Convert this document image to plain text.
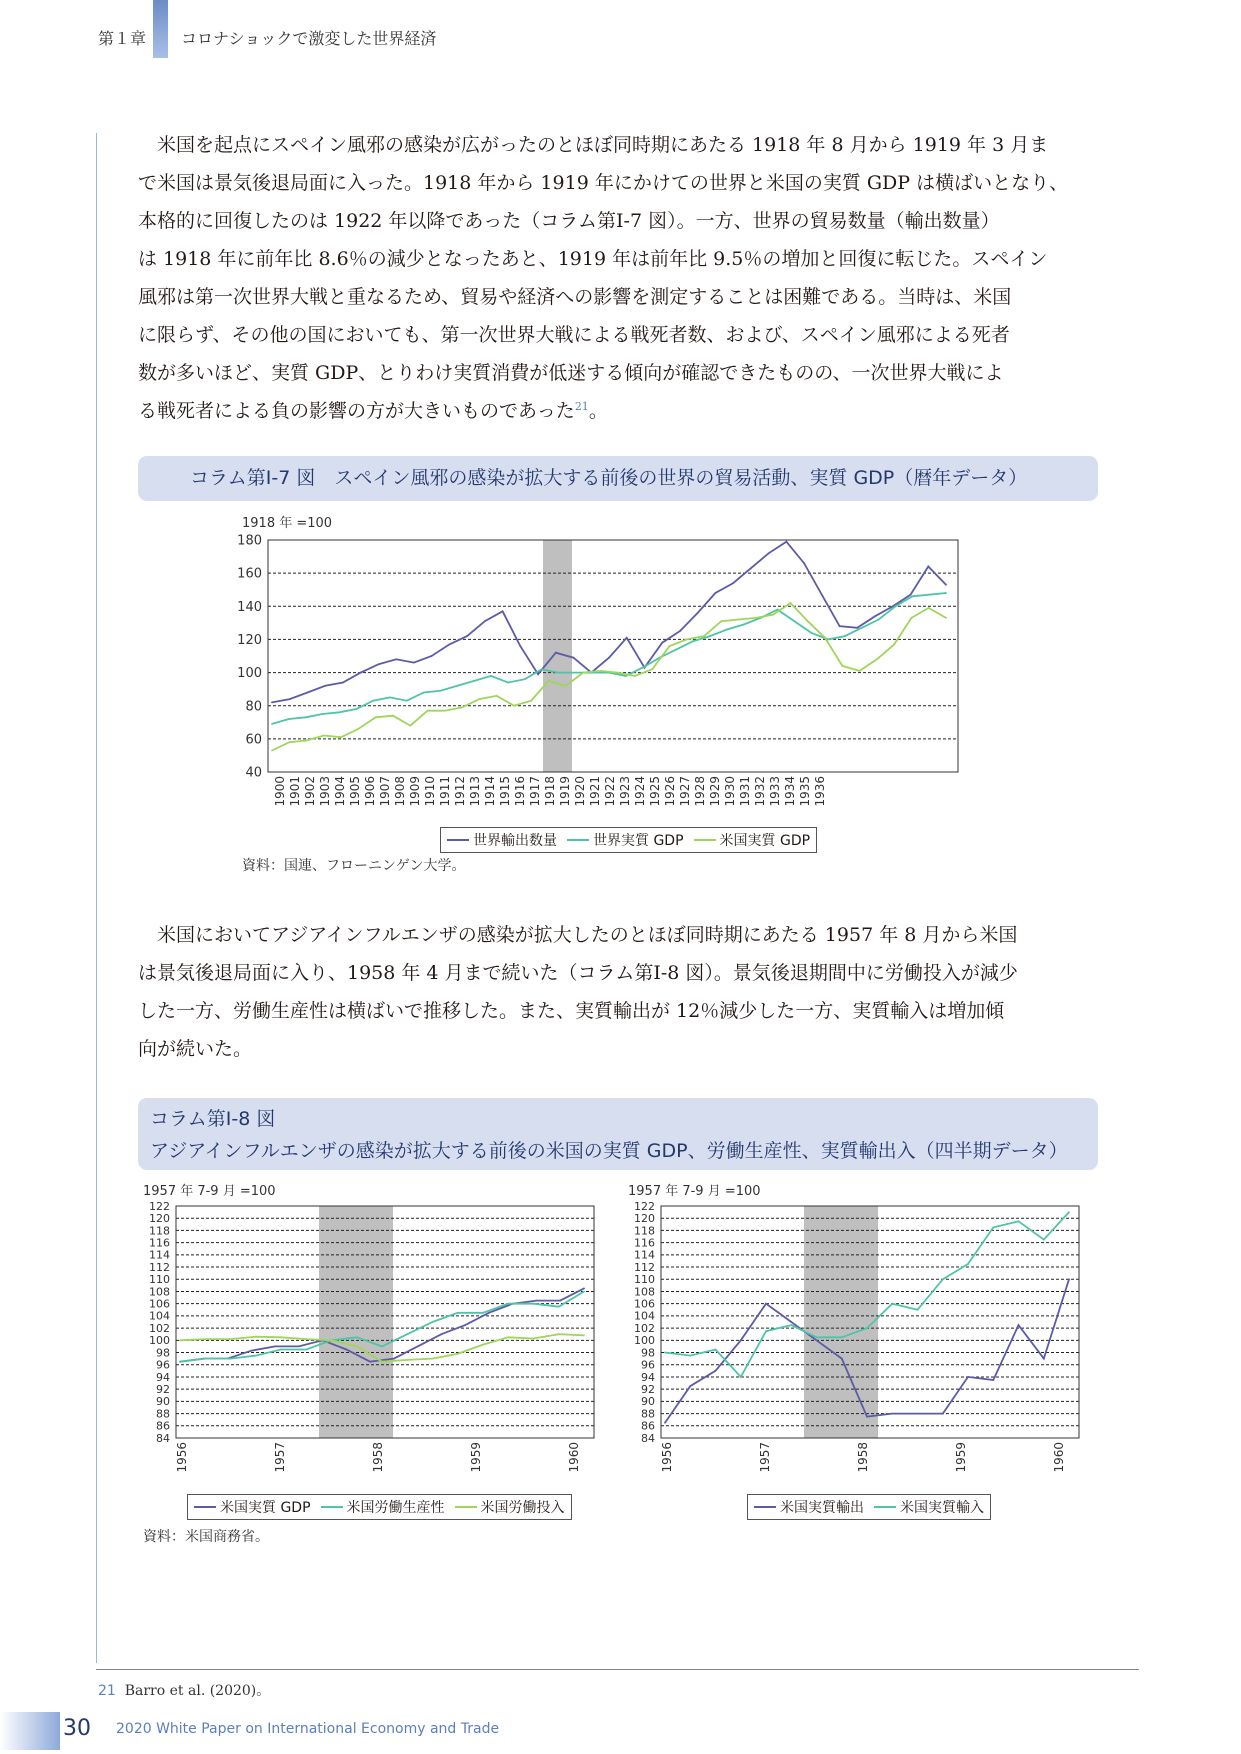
第１章 コロナショックで激変した世界経済
　米国を起点にスペイン風邪の感染が広がったのとほぼ同時期にあたる 1918 年 8 月から 1919 年 3 月ま
で米国は景気後退局面に入った。1918 年から 1919 年にかけての世界と米国の実質 GDP は横ばいとなり、
本格的に回復したのは 1922 年以降であった（コラム第Ⅰ-7 図）。一方、世界の貿易数量（輸出数量）
は 1918 年に前年比 8.6％の減少となったあと、1919 年は前年比 9.5％の増加と回復に転じた。スペイン
風邪は第一次世界大戦と重なるため、貿易や経済への影響を測定することは困難である。当時は、米国
に限らず、その他の国においても、第一次世界大戦による戦死者数、および、スペイン風邪による死者
数が多いほど、実質 GDP、とりわけ実質消費が低迷する傾向が確認できたものの、一次世界大戦によ
る戦死者による負の影響の方が大きいものであった$^{21}$。
コラム第Ⅰ-7 図　スペイン風邪の感染が拡大する前後の世界の貿易活動、実質 GDP（暦年データ）
1918 年 =100
40
60
80
100
120
140
160
180
1900 1901 1902 1903 1904 1905 1906 1907 1908 1909 1910 1911 1912 1913 1914 1915 1916 1917 1918 1919 1920 1921 1922 1923 1924 1925 1926 1927 1928 1929 1930 1931 1932 1933 1934 1935 1936
世界輸出数量	世界実質 GDP	米国実質 GDP
資料：国連、フローニンゲン大学。
　米国においてアジアインフルエンザの感染が拡大したのとほぼ同時期にあたる 1957 年 8 月から米国
は景気後退局面に入り、1958 年 4 月まで続いた（コラム第Ⅰ-8 図）。景気後退期間中に労働投入が減少
した一方、労働生産性は横ばいで推移した。また、実質輸出が 12％減少した一方、実質輸入は増加傾
向が続いた。
コラム第Ⅰ-8 図
アジアインフルエンザの感染が拡大する前後の米国の実質 GDP、労働生産性、実質輸出入（四半期データ）
1957 年 7-9 月 =100	1957 年 7-9 月 =100
84
86
88
90
92
94
96
98
100
102
104
106
108
110
112
114
116
118
120
122
1956	1957	1958	1959	1960
84
86
88
90
92
94
96
98
100
102
104
106
108
110
112
114
116
118
120
122
1956	1957	1958	1959	1960
米国実質 GDP	米国労働生産性	米国労働投入	米国実質輸出	米国実質輸入
資料：米国商務省。
21 Barro et al. (2020)。
30 2020 White Paper on International Economy and Trade
